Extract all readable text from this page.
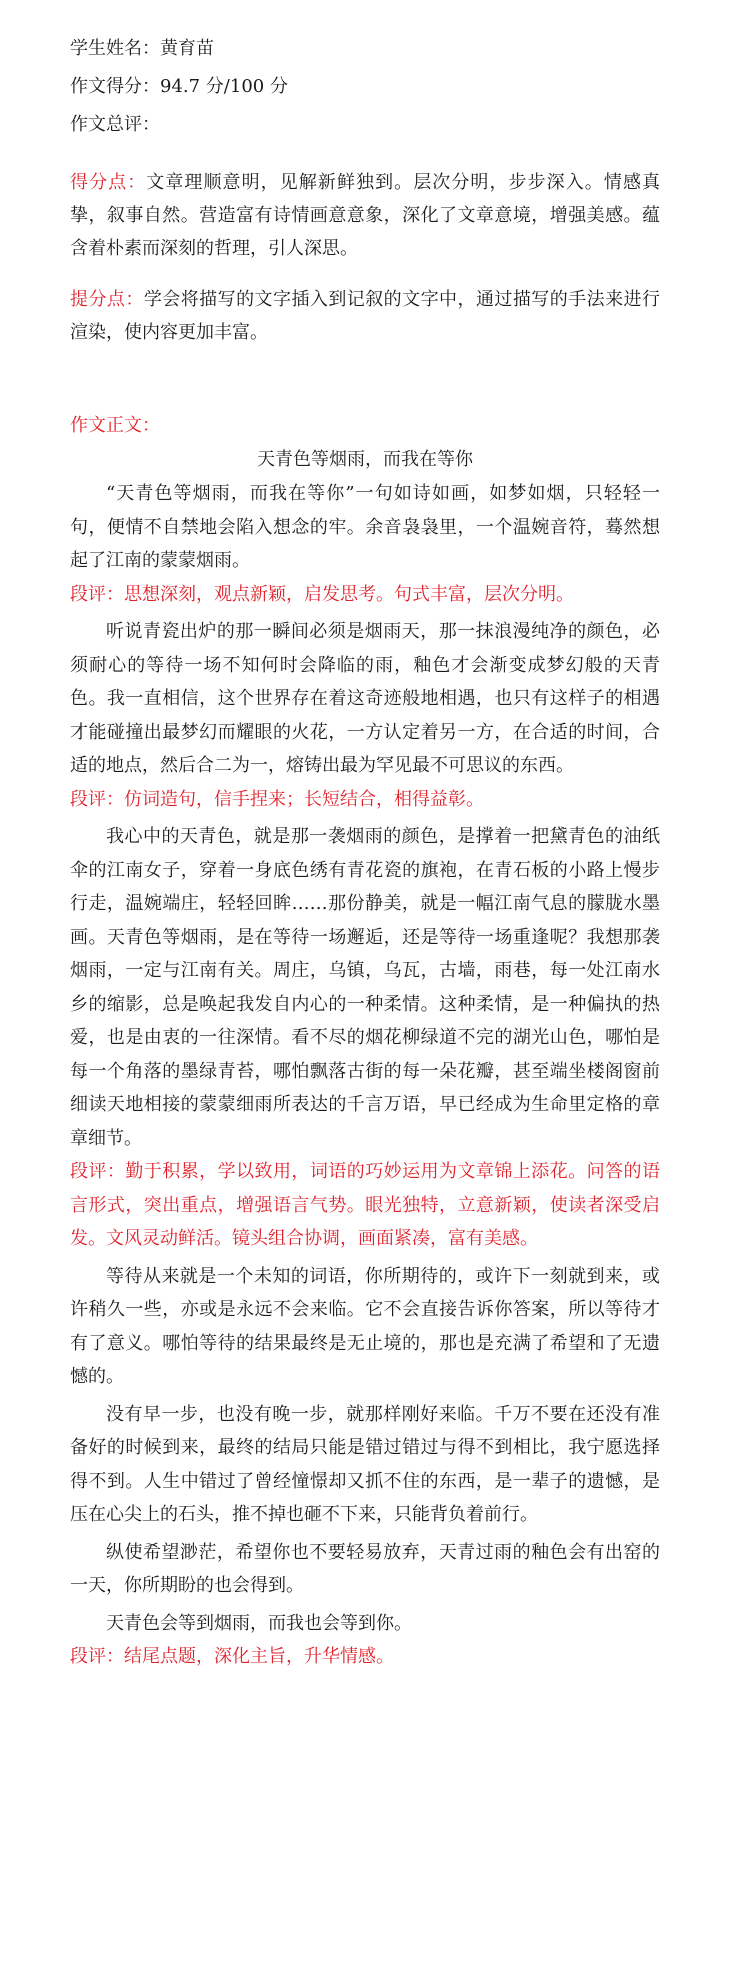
学生姓名：黄育苗
作文得分：94.7 分/100 分
作文总评：
得分点：文章理顺意明，见解新鲜独到。层次分明，步步深入。情感真挚，叙事自然。营造富有诗情画意意象，深化了文章意境，增强美感。蕴含着朴素而深刻的哲理，引人深思。
提分点：学会将描写的文字插入到记叙的文字中，通过描写的手法来进行渲染，使内容更加丰富。
作文正文：
天青色等烟雨，而我在等你

“天青色等烟雨，而我在等你”一句如诗如画，如梦如烟，只轻轻一句，便情不自禁地会陷入想念的牢。余音袅袅里，一个温婉音符，蓦然想起了江南的蒙蒙烟雨。

段评：思想深刻，观点新颖，启发思考。句式丰富，层次分明。

听说青瓷出炉的那一瞬间必须是烟雨天，那一抹浪漫纯净的颜色，必须耐心的等待一场不知何时会降临的雨，釉色才会渐变成梦幻般的天青色。我一直相信，这个世界存在着这奇迹般地相遇，也只有这样子的相遇才能碰撞出最梦幻而耀眼的火花，一方认定着另一方，在合适的时间，合适的地点，然后合二为一，熔铸出最为罕见最不可思议的东西。

段评：仿词造句，信手捏来；长短结合，相得益彰。

我心中的天青色，就是那一袭烟雨的颜色，是撑着一把黛青色的油纸伞的江南女子，穿着一身底色绣有青花瓷的旗袍，在青石板的小路上慢步行走，温婉端庄，轻轻回眸……那份静美，就是一幅江南气息的朦胧水墨画。天青色等烟雨，是在等待一场邂逅，还是等待一场重逢呢？我想那袭烟雨，一定与江南有关。周庄，乌镇，乌瓦，古墙，雨巷，每一处江南水乡的缩影，总是唤起我发自内心的一种柔情。这种柔情，是一种偏执的热爱，也是由衷的一往深情。看不尽的烟花柳绿道不完的湖光山色，哪怕是每一个角落的墨绿青苔，哪怕飘落古街的每一朵花瓣，甚至端坐楼阁窗前细读天地相接的蒙蒙细雨所表达的千言万语，早已经成为生命里定格的章章细节。

段评：勤于积累，学以致用，词语的巧妙运用为文章锦上添花。问答的语言形式，突出重点，增强语言气势。眼光独特，立意新颖，使读者深受启发。文风灵动鲜活。镜头组合协调，画面紧凑，富有美感。

等待从来就是一个未知的词语，你所期待的，或许下一刻就到来，或许稍久一些，亦或是永远不会来临。它不会直接告诉你答案，所以等待才有了意义。哪怕等待的结果最终是无止境的，那也是充满了希望和了无遗憾的。

没有早一步，也没有晚一步，就那样刚好来临。千万不要在还没有准备好的时候到来，最终的结局只能是错过错过与得不到相比，我宁愿选择得不到。人生中错过了曾经憧憬却又抓不住的东西，是一辈子的遗憾，是压在心尖上的石头，推不掉也砸不下来，只能背负着前行。

纵使希望渺茫，希望你也不要轻易放弃，天青过雨的釉色会有出窑的一天，你所期盼的也会得到。

天青色会等到烟雨，而我也会等到你。

段评：结尾点题，深化主旨，升华情感。
